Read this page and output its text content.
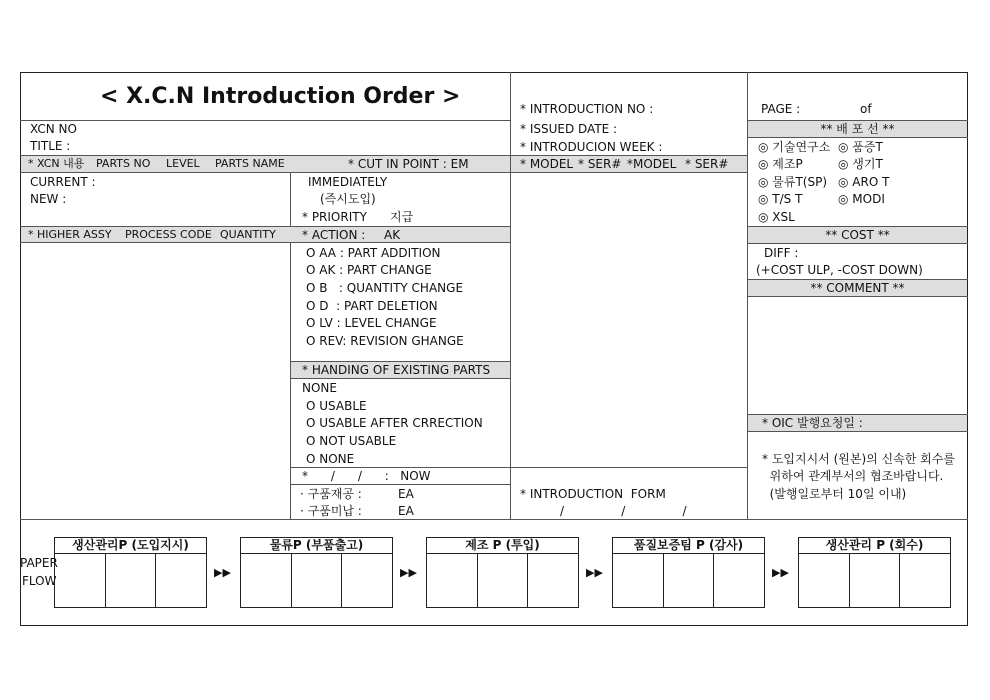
< X.C.N Introduction Order >
XCN NO
TITLE :
* INTRODUCTION NO :
* ISSUED DATE :
* INTRODUCION WEEK :
PAGE :	of
** 배 포 선 **
* XCN 내용 PARTS NO LEVEL PARTS NAME	* CUT IN POINT : EM	* MODEL * SER# *MODEL * SER#
CURRENT :
NEW :
IMMEDIATELY
(즉시도입)
* PRIORITY 지급
◎ 기술연구소 ◎ 품증T
◎ 제조P	◎ 생기T
◎ 물류T(SP) ◎ ARO T
◎ T/S T	◎ MODI
◎ XSL
* HIGHER ASSY PROCESS CODE QUANTITY * ACTION : AK	** COST **
DIFF :
(+COST ULP, -COST DOWN)
** COMMENT **
O AA : PART ADDITION
O AK : PART CHANGE
O B   : QUANTITY CHANGE
O D  : PART DELETION
O LV : LEVEL CHANGE
O REV: REVISION GHANGE
* HANDING OF EXISTING PARTS
NONE
O USABLE
O USABLE AFTER CRRECTION
O NOT USABLE
O NONE
*      /      /      :   NOW
· 구품재공 :	EA
· 구품미납 :	EA
* INTRODUCTION  FORM
/               /               /
* OIC 발행요청일 :
* 도입지시서 (원본)의 신속한 회수를
위하여 관계부서의 협조바랍니다.
(발행일로부터 10일 이내)
PAPER
FLOW
생산관리P (도입지시)
▶▶
물류P (부품출고)
▶▶
제조 P (투입)
▶▶
품질보증팀 P (감사)
▶▶
생산관리 P (회수)
